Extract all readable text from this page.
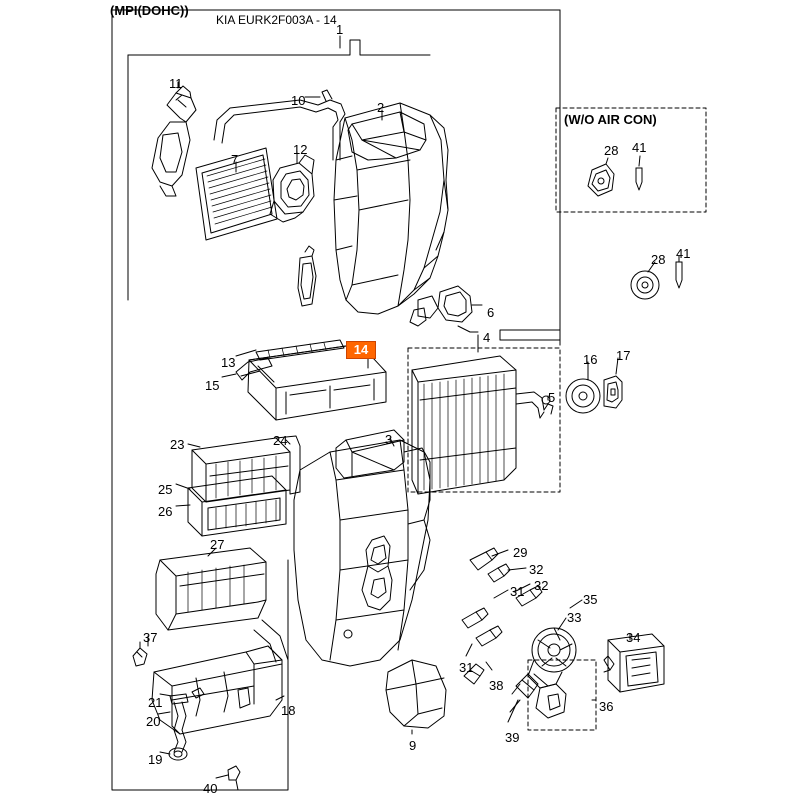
(MPI(DOHC))
KIA EURK2F003A - 14
(W/O AIR CON)
14
1
11
10	2
7
12	28 41
28 41
6
4
13
15
16 17
5
3
23	24
25
26
27
29
32
31 32
35
33
34
31
37
38
18
21
20
19
39
36
9
40
